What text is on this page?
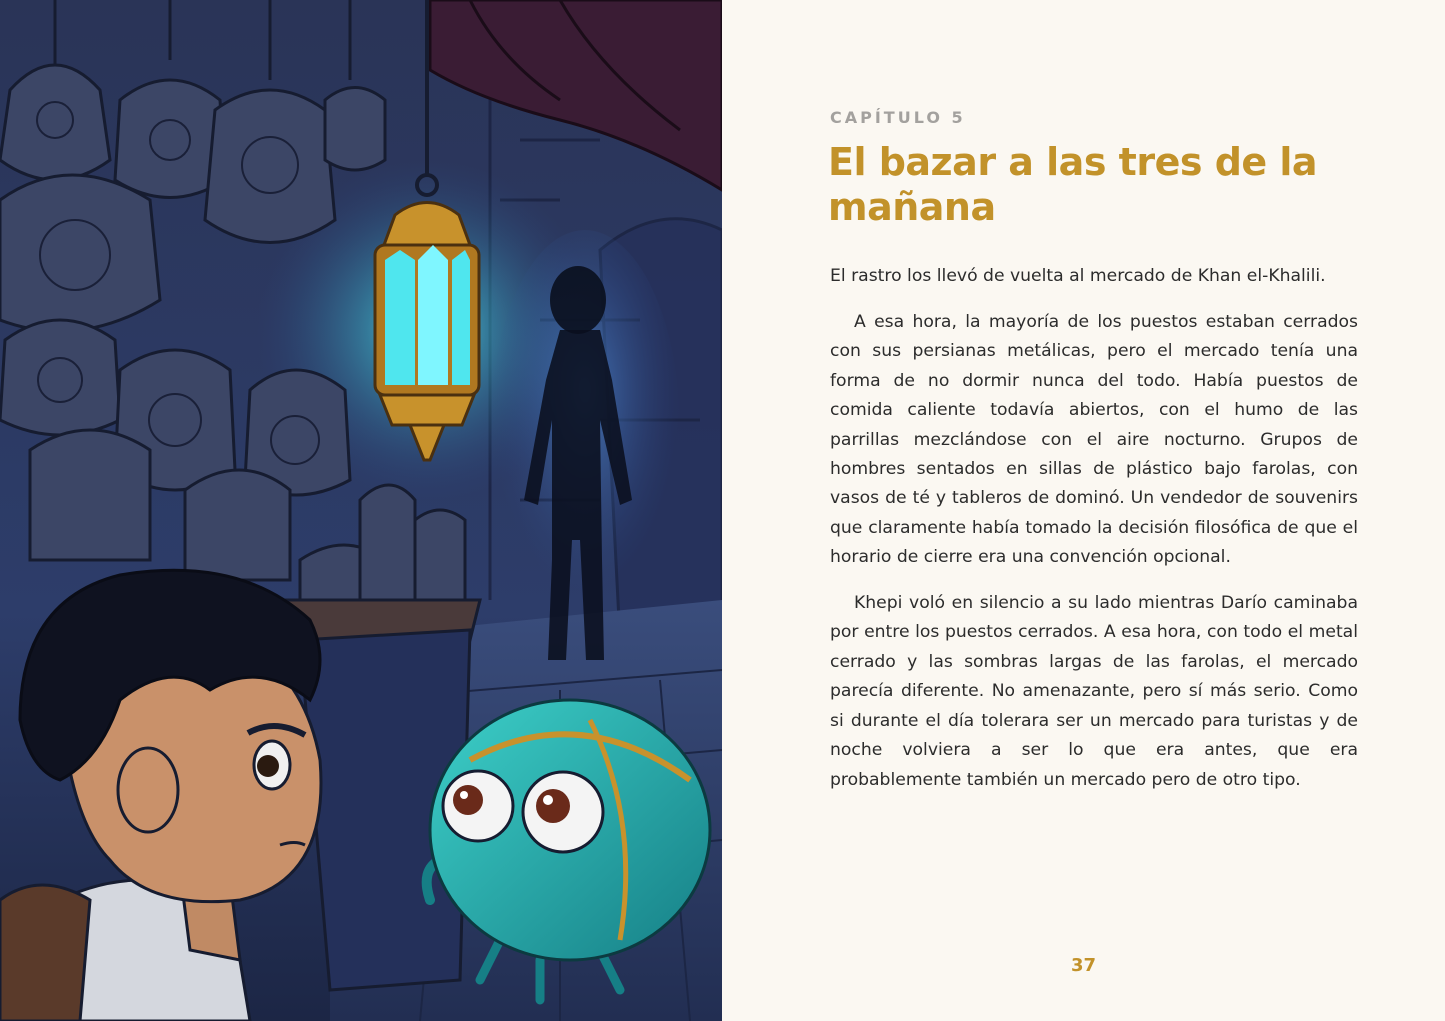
CAPÍTULO 5
El bazar a las tres de la mañana

El rastro los llevó de vuelta al mercado de Khan el-Khalili.

A esa hora, la mayoría de los puestos estaban cerrados con sus persianas metálicas, pero el mercado tenía una forma de no dormir nunca del todo. Había puestos de comida caliente todavía abiertos, con el humo de las parrillas mezclándose con el aire nocturno. Grupos de hombres sentados en sillas de plástico bajo farolas, con vasos de té y tableros de dominó. Un vendedor de souvenirs que claramente había tomado la decisión filosófica de que el horario de cierre era una convención opcional.

Khepi voló en silencio a su lado mientras Darío caminaba por entre los puestos cerrados. A esa hora, con todo el metal cerrado y las sombras largas de las farolas, el mercado parecía diferente. No amenazante, pero sí más serio. Como si durante el día tolerara ser un mercado para turistas y de noche volviera a ser lo que era antes, que era probablemente también un mercado pero de otro tipo.

37
